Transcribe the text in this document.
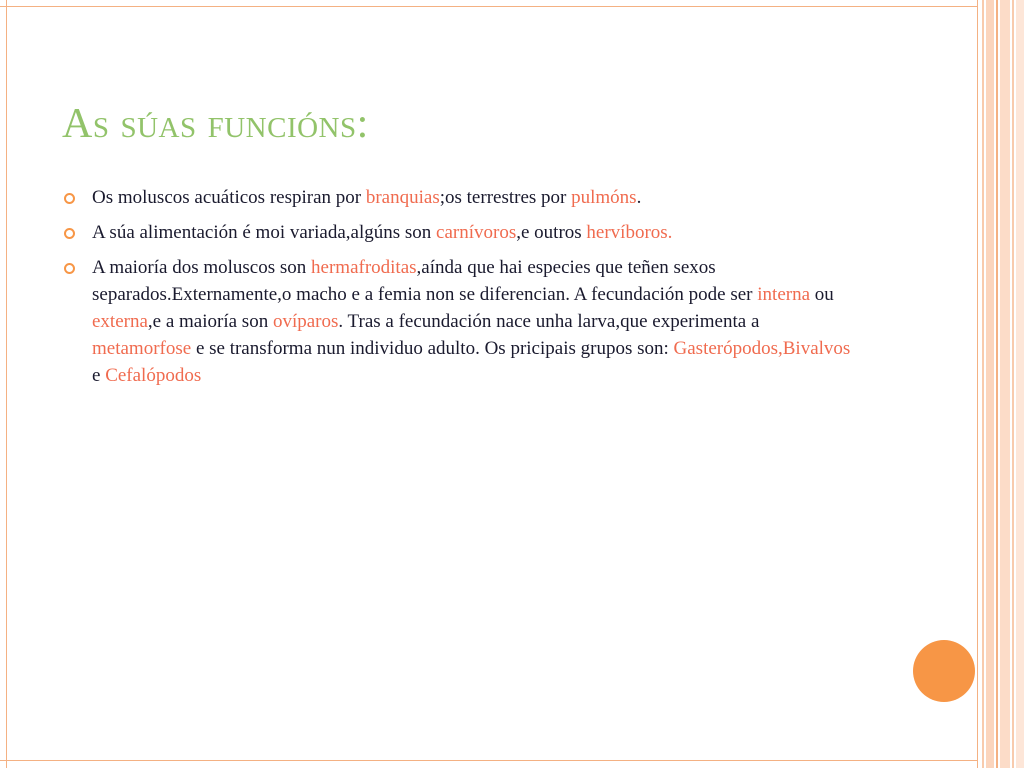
As súas funcións:
Os moluscos acuáticos respiran por branquias;os terrestres por pulmóns.
A súa alimentación é moi variada,algúns son carnívoros,e outros hervíboros.
A maioría dos moluscos son hermafroditas,aínda que hai especies que teñen sexos separados.Externamente,o macho e a femia non se diferencian. A fecundación pode ser interna ou externa,e a maioría son ovíparos. Tras a fecundación nace unha larva,que experimenta a metamorfose e se transforma nun individuo adulto. Os pricipais grupos son: Gasterópodos,Bivalvos e Cefalópodos
